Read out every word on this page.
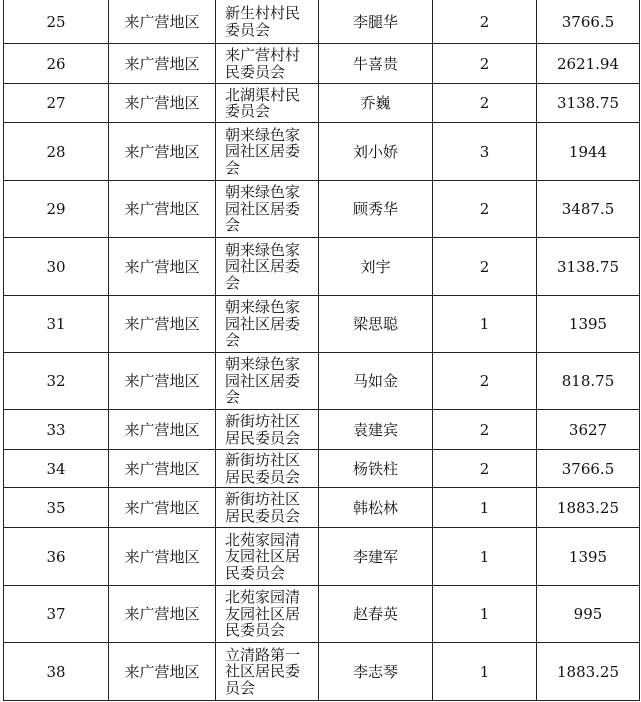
25	来广营地区	新生村村民委员会	李腿华	2	3766.5
26	来广营地区	来广营村村民委员会	牛喜贵	2	2621.94
27	来广营地区	北湖渠村民委员会	乔巍	2	3138.75
28	来广营地区	朝来绿色家园社区居委会	刘小娇	3	1944
29	来广营地区	朝来绿色家园社区居委会	顾秀华	2	3487.5
30	来广营地区	朝来绿色家园社区居委会	刘宇	2	3138.75
31	来广营地区	朝来绿色家园社区居委会	梁思聪	1	1395
32	来广营地区	朝来绿色家园社区居委会	马如金	2	818.75
33	来广营地区	新街坊社区居民委员会	袁建宾	2	3627
34	来广营地区	新街坊社区居民委员会	杨铁柱	2	3766.5
35	来广营地区	新街坊社区居民委员会	韩松林	1	1883.25
36	来广营地区	北苑家园清友园社区居民委员会	李建军	1	1395
37	来广营地区	北苑家园清友园社区居民委员会	赵春英	1	995
38	来广营地区	立清路第一社区居民委员会	李志琴	1	1883.25
